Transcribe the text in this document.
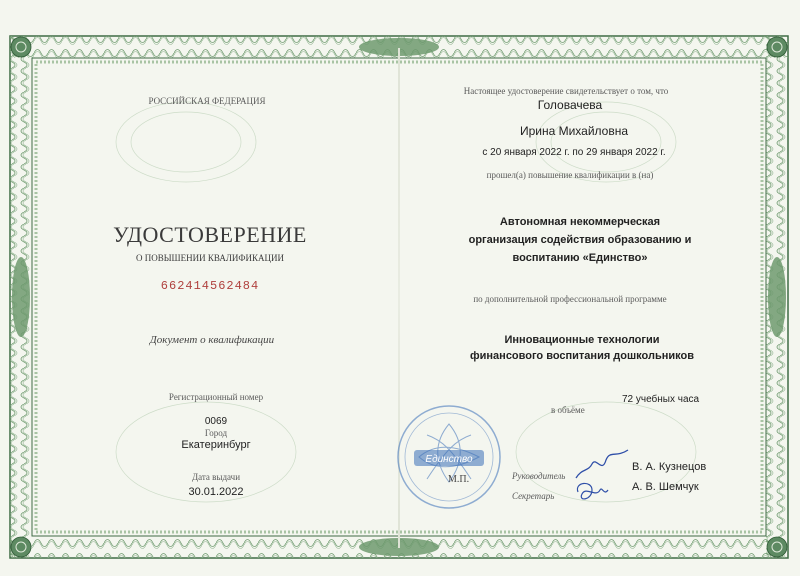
РОССИЙСКАЯ ФЕДЕРАЦИЯ
УДОСТОВЕРЕНИЕ
О ПОВЫШЕНИИ КВАЛИФИКАЦИИ
662414562484
Документ о квалификации
Регистрационный номер
0069
Город
Екатеринбург
Дата выдачи
30.01.2022
Настоящее удостоверение свидетельствует о том, что
Головачева
Ирина Михайловна
с 20 января 2022 г. по 29 января 2022 г.
прошел(а) повышение квалификации в (на)
Автономная некоммерческая
организация содействия образованию и
воспитанию «Единство»
по дополнительной профессиональной программе
Инновационные технологии
финансового воспитания дошкольников
72 учебных часа
в объёме
Единство
М.П.	Руководитель
Секретарь
В. А. Кузнецов
А. В. Шемчук
